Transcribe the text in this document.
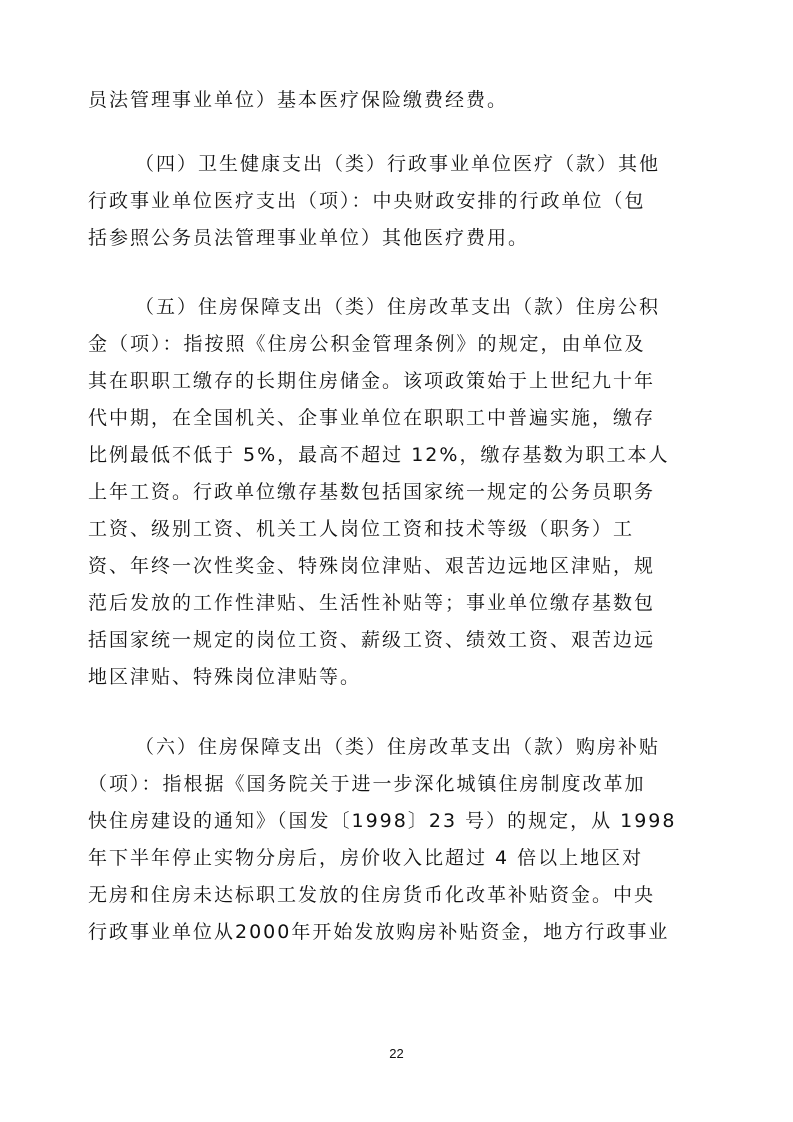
员法管理事业单位）基本医疗保险缴费经费。
（四）卫生健康支出（类）行政事业单位医疗（款）其他
行政事业单位医疗支出（项）：中央财政安排的行政单位（包
括参照公务员法管理事业单位）其他医疗费用。
（五）住房保障支出（类）住房改革支出（款）住房公积
金（项）：指按照《住房公积金管理条例》的规定，由单位及
其在职职工缴存的长期住房储金。该项政策始于上世纪九十年
代中期，在全国机关、企事业单位在职职工中普遍实施，缴存
比例最低不低于 5%，最高不超过 12%，缴存基数为职工本人
上年工资。行政单位缴存基数包括国家统一规定的公务员职务
工资、级别工资、机关工人岗位工资和技术等级（职务）工
资、年终一次性奖金、特殊岗位津贴、艰苦边远地区津贴，规
范后发放的工作性津贴、生活性补贴等；事业单位缴存基数包
括国家统一规定的岗位工资、薪级工资、绩效工资、艰苦边远
地区津贴、特殊岗位津贴等。
（六）住房保障支出（类）住房改革支出（款）购房补贴
（项）：指根据《国务院关于进一步深化城镇住房制度改革加
快住房建设的通知》（国发〔1998〕23 号）的规定，从 1998
年下半年停止实物分房后，房价收入比超过 4 倍以上地区对
无房和住房未达标职工发放的住房货币化改革补贴资金。中央
行政事业单位从2000年开始发放购房补贴资金，地方行政事业
22
